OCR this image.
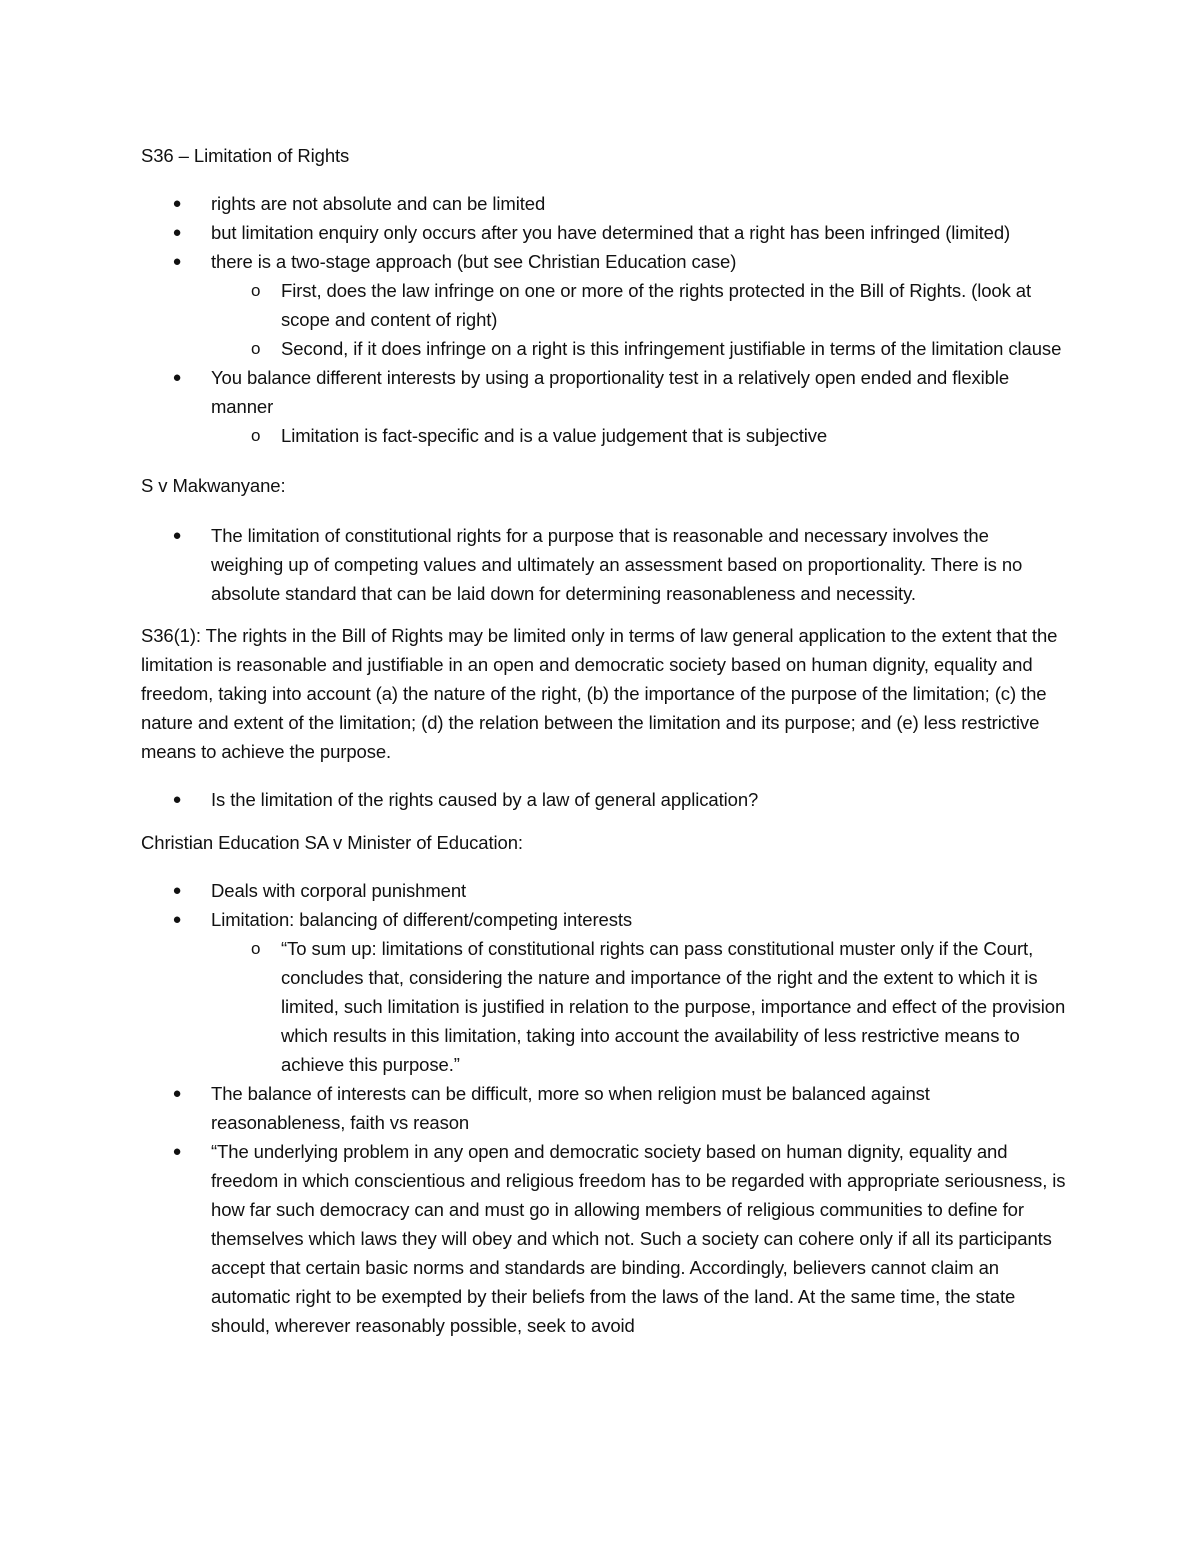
S36 – Limitation of Rights

● rights are not absolute and can be limited
● but limitation enquiry only occurs after you have determined that a right has been infringed (limited)
● there is a two-stage approach (but see Christian Education case)
o First, does the law infringe on one or more of the rights protected in the Bill of Rights. (look at scope and content of right)
o Second, if it does infringe on a right is this infringement justifiable in terms of the limitation clause
● You balance different interests by using a proportionality test in a relatively open ended and flexible manner
o Limitation is fact-specific and is a value judgement that is subjective

S v Makwanyane:

● The limitation of constitutional rights for a purpose that is reasonable and necessary involves the weighing up of competing values and ultimately an assessment based on proportionality. There is no absolute standard that can be laid down for determining reasonableness and necessity.

S36(1): The rights in the Bill of Rights may be limited only in terms of law general application to the extent that the limitation is reasonable and justifiable in an open and democratic society based on human dignity, equality and freedom, taking into account (a) the nature of the right, (b) the importance of the purpose of the limitation; (c) the nature and extent of the limitation; (d) the relation between the limitation and its purpose; and (e) less restrictive means to achieve the purpose.

● Is the limitation of the rights caused by a law of general application?

Christian Education SA v Minister of Education:

● Deals with corporal punishment
● Limitation: balancing of different/competing interests
o “To sum up: limitations of constitutional rights can pass constitutional muster only if the Court, concludes that, considering the nature and importance of the right and the extent to which it is limited, such limitation is justified in relation to the purpose, importance and effect of the provision which results in this limitation, taking into account the availability of less restrictive means to achieve this purpose.”
● The balance of interests can be difficult, more so when religion must be balanced against reasonableness, faith vs reason
● “The underlying problem in any open and democratic society based on human dignity, equality and freedom in which conscientious and religious freedom has to be regarded with appropriate seriousness, is how far such democracy can and must go in allowing members of religious communities to define for themselves which laws they will obey and which not. Such a society can cohere only if all its participants accept that certain basic norms and standards are binding. Accordingly, believers cannot claim an automatic right to be exempted by their beliefs from the laws of the land. At the same time, the state should, wherever reasonably possible, seek to avoid
